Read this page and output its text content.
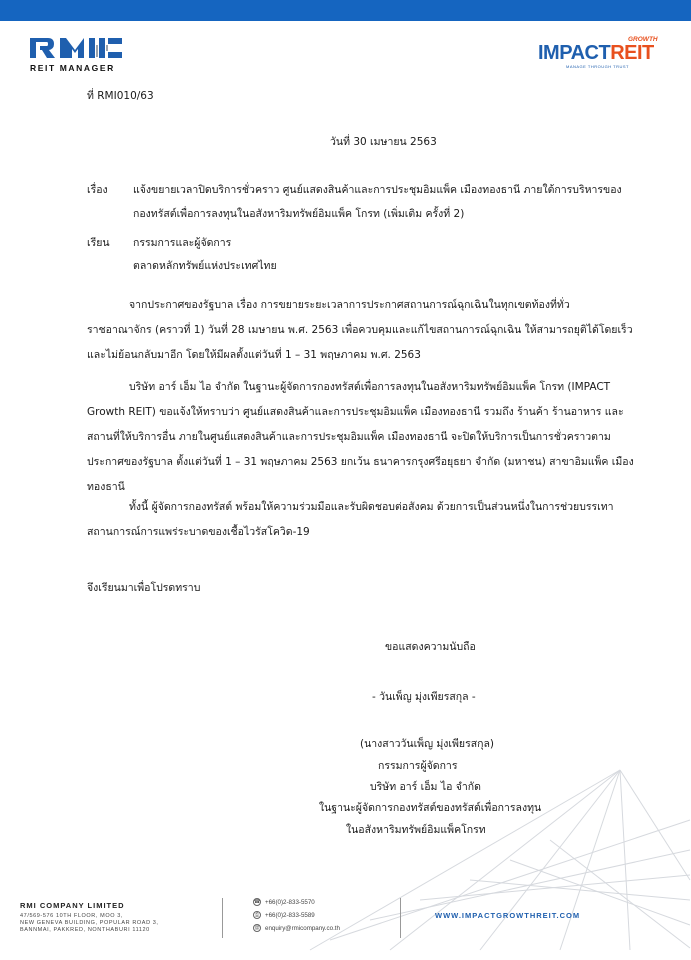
REIT MANAGER
GROWTH
IMPACTREIT
MANAGE THROUGH TRUST
ที่ RMI010/63
วันที่ 30 เมษายน 2563
เรื่อง แจ้งขยายเวลาปิดบริการชั่วคราว ศูนย์แสดงสินค้าและการประชุมอิมแพ็ค เมืองทองธานี ภายใต้การบริหารของ
กองทรัสต์เพื่อการลงทุนในอสังหาริมทรัพย์อิมแพ็ค โกรท (เพิ่มเติม ครั้งที่ 2)
เรียน กรรมการและผู้จัดการ
ตลาดหลักทรัพย์แห่งประเทศไทย
จากประกาศของรัฐบาล เรื่อง การขยายระยะเวลาการประกาศสถานการณ์ฉุกเฉินในทุกเขตท้องที่ทั่ว
ราชอาณาจักร (คราวที่ 1) วันที่ 28 เมษายน พ.ศ. 2563 เพื่อควบคุมและแก้ไขสถานการณ์ฉุกเฉิน ให้สามารถยุติได้โดยเร็ว
และไม่ย้อนกลับมาอีก โดยให้มีผลตั้งแต่วันที่ 1 – 31 พฤษภาคม พ.ศ. 2563
บริษัท อาร์ เอ็ม ไอ จำกัด ในฐานะผู้จัดการกองทรัสต์เพื่อการลงทุนในอสังหาริมทรัพย์อิมแพ็ค โกรท (IMPACT
Growth REIT) ขอแจ้งให้ทราบว่า ศูนย์แสดงสินค้าและการประชุมอิมแพ็ค เมืองทองธานี รวมถึง ร้านค้า ร้านอาหาร และ
สถานที่ให้บริการอื่น ภายในศูนย์แสดงสินค้าและการประชุมอิมแพ็ค เมืองทองธานี จะปิดให้บริการเป็นการชั่วคราวตาม
ประกาศของรัฐบาล ตั้งแต่วันที่ 1 – 31 พฤษภาคม 2563 ยกเว้น ธนาคารกรุงศรีอยุธยา จำกัด (มหาชน) สาขาอิมแพ็ค เมือง
ทองธานี
ทั้งนี้ ผู้จัดการกองทรัสต์ พร้อมให้ความร่วมมือและรับผิดชอบต่อสังคม ด้วยการเป็นส่วนหนึ่งในการช่วยบรรเทา
สถานการณ์การแพร่ระบาดของเชื้อไวรัสโควิด-19
จึงเรียนมาเพื่อโปรดทราบ
ขอแสดงความนับถือ
- วันเพ็ญ มุ่งเพียรสกุล -
(นางสาววันเพ็ญ มุ่งเพียรสกุล)
กรรมการผู้จัดการ
บริษัท อาร์ เอ็ม ไอ จำกัด
ในฐานะผู้จัดการกองทรัสต์ของทรัสต์เพื่อการลงทุน
ในอสังหาริมทรัพย์อิมแพ็คโกรท
RMI COMPANY LIMITED
47/569-576 10TH FLOOR, MOO 3,
NEW GENEVA BUILDING, POPULAR ROAD 3,
BANNMAI, PAKKRED, NONTHABURI 11120
☎ +66(0)2-833-5570
⎙ +66(0)2-833-5589
@ enquiry@rmicompany.co.th
WWW.IMPACTGROWTHREIT.COM
